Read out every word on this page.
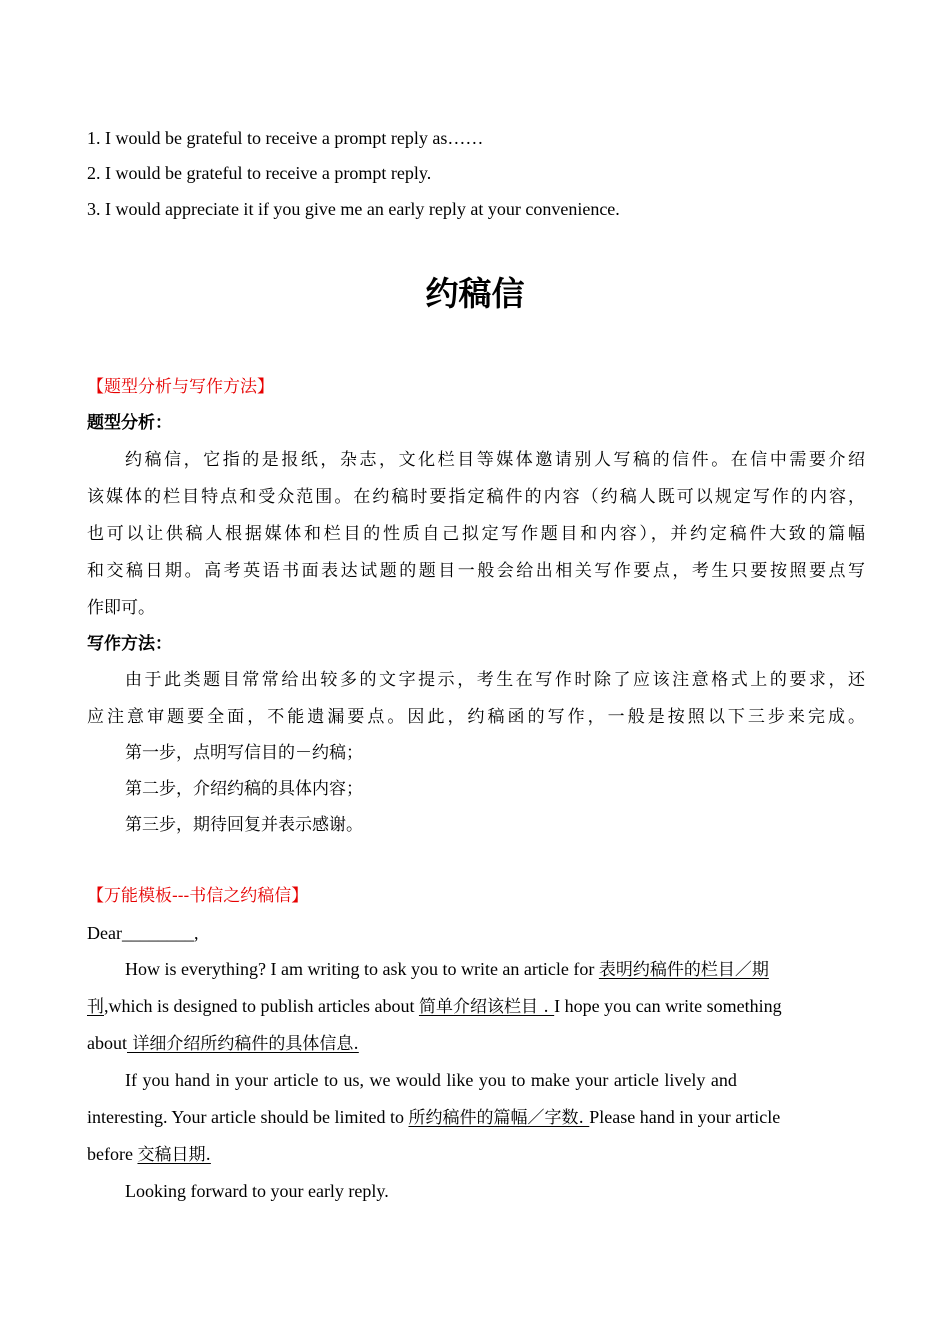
1. I would be grateful to receive a prompt reply as……
2. I would be grateful to receive a prompt reply.
3. I would appreciate it if you give me an early reply at your convenience.
约稿信
【题型分析与写作方法】
题型分析：
约稿信，它指的是报纸，杂志，文化栏目等媒体邀请别人写稿的信件。在信中需要介绍
该媒体的栏目特点和受众范围。在约稿时要指定稿件的内容（约稿人既可以规定写作的内容，
也可以让供稿人根据媒体和栏目的性质自己拟定写作题目和内容），并约定稿件大致的篇幅
和交稿日期。高考英语书面表达试题的题目一般会给出相关写作要点，考生只要按照要点写
作即可。
写作方法：
由于此类题目常常给出较多的文字提示，考生在写作时除了应该注意格式上的要求，还
应注意审题要全面，不能遗漏要点。因此，约稿函的写作，一般是按照以下三步来完成。
第一步，点明写信目的－约稿；
第二步，介绍约稿的具体内容；
第三步，期待回复并表示感谢。
【万能模板---书信之约稿信】
Dear________,
How is everything? I am writing to ask you to write an article for 表明约稿件的栏目／期
刊,which is designed to publish articles about 简单介绍该栏目 . I hope you can write something
about 详细介绍所约稿件的具体信息.
If you hand in your article to us, we would like you to make your article lively and
interesting. Your article should be limited to 所约稿件的篇幅／字数. Please hand in your article
before 交稿日期.
Looking forward to your early reply.
